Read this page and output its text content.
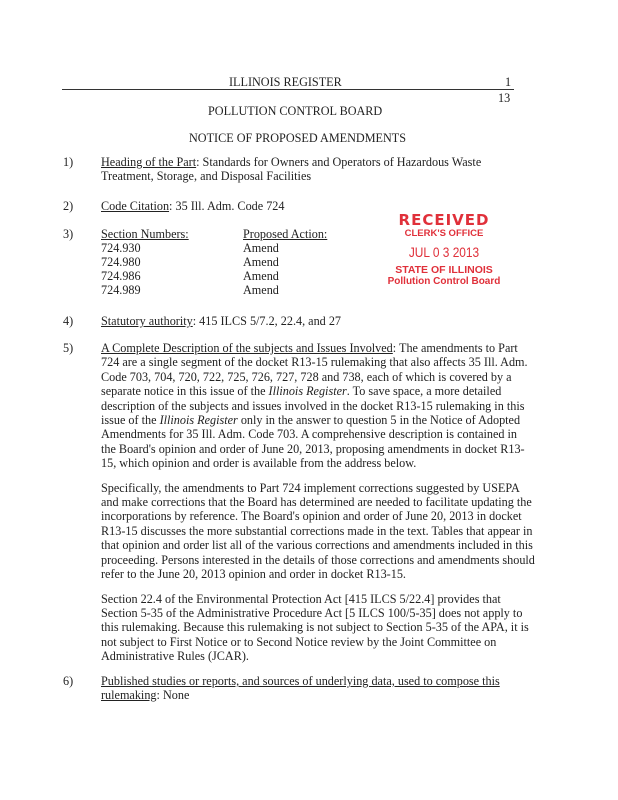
ILLINOIS REGISTER	1
13
POLLUTION CONTROL BOARD
NOTICE OF PROPOSED AMENDMENTS
1) Heading of the Part: Standards for Owners and Operators of Hazardous Waste
Treatment, Storage, and Disposal Facilities
2) Code Citation: 35 Ill. Adm. Code 724
3) Section Numbers:	Proposed Action:
724.930	Amend
724.980	Amend
724.986	Amend
724.989	Amend
RECEIVED
CLERK'S OFFICE
JUL 0 3 2013
STATE OF ILLINOIS
Pollution Control Board
4) Statutory authority: 415 ILCS 5/7.2, 22.4, and 27
5) A Complete Description of the subjects and Issues Involved: The amendments to Part
724 are a single segment of the docket R13-15 rulemaking that also affects 35 Ill. Adm.
Code 703, 704, 720, 722, 725, 726, 727, 728 and 738, each of which is covered by a
separate notice in this issue of the Illinois Register. To save space, a more detailed
description of the subjects and issues involved in the docket R13-15 rulemaking in this
issue of the Illinois Register only in the answer to question 5 in the Notice of Adopted
Amendments for 35 Ill. Adm. Code 703. A comprehensive description is contained in
the Board's opinion and order of June 20, 2013, proposing amendments in docket R13-
15, which opinion and order is available from the address below.
Specifically, the amendments to Part 724 implement corrections suggested by USEPA
and make corrections that the Board has determined are needed to facilitate updating the
incorporations by reference. The Board's opinion and order of June 20, 2013 in docket
R13-15 discusses the more substantial corrections made in the text. Tables that appear in
that opinion and order list all of the various corrections and amendments included in this
proceeding. Persons interested in the details of those corrections and amendments should
refer to the June 20, 2013 opinion and order in docket R13-15.
Section 22.4 of the Environmental Protection Act [415 ILCS 5/22.4] provides that
Section 5-35 of the Administrative Procedure Act [5 ILCS 100/5-35] does not apply to
this rulemaking. Because this rulemaking is not subject to Section 5-35 of the APA, it is
not subject to First Notice or to Second Notice review by the Joint Committee on
Administrative Rules (JCAR).
6) Published studies or reports, and sources of underlying data, used to compose this
rulemaking: None
